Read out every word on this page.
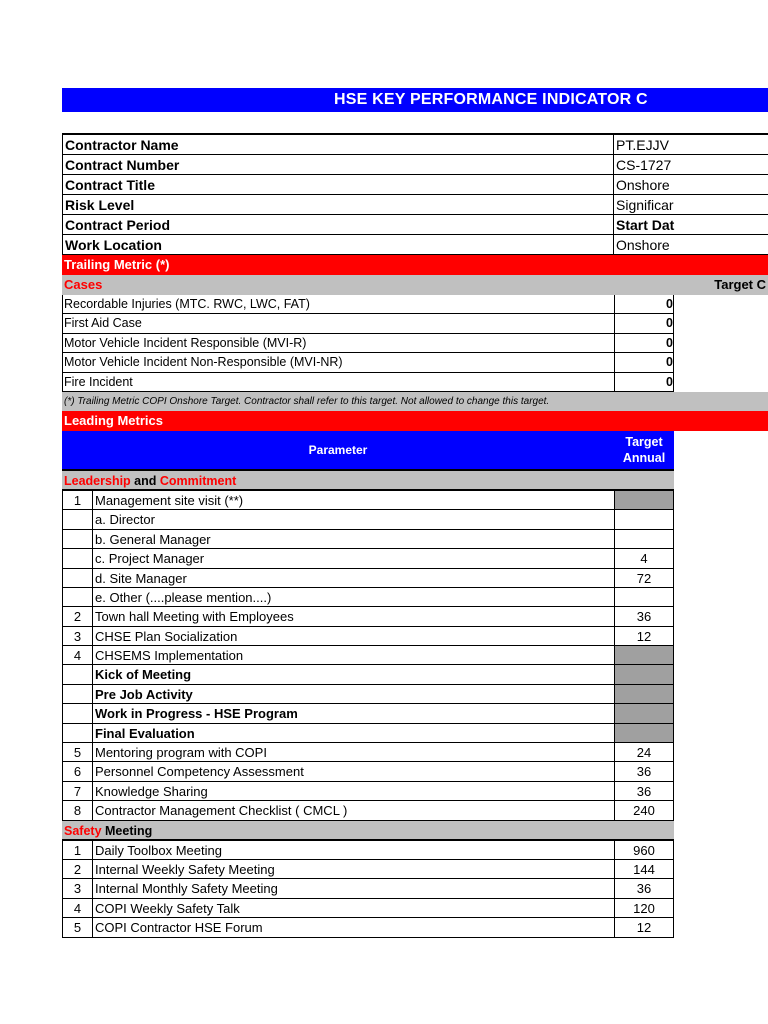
HSE KEY PERFORMANCE INDICATOR C
Contractor Name	PT.EJJV
Contract Number	CS-1727
Contract Title	Onshore
Risk Level	Significar
Contract Period	Start Dat
Work Location	Onshore
Trailing Metric (*)
Cases	Target C
Recordable Injuries (MTC. RWC, LWC, FAT)	0
First Aid Case	0
Motor Vehicle Incident Responsible (MVI-R)	0
Motor Vehicle Incident Non-Responsible (MVI-NR)	0
Fire Incident	0
(*) Trailing Metric COPI Onshore Target. Contractor shall refer to this target. Not allowed to change this target.
Leading Metrics
Parameter
Target
Annual
Leadership and Commitment
1	Management site visit (**)
a. Director
b. General Manager
c. Project Manager	4
d. Site Manager	72
e. Other (....please mention....)
2	Town hall Meeting with Employees	36
3	CHSE Plan Socialization	12
4	CHSEMS Implementation
Kick of Meeting
Pre Job Activity
Work in Progress - HSE Program
Final Evaluation
5	Mentoring program with COPI	24
6	Personnel Competency Assessment	36
7	Knowledge Sharing	36
8	Contractor Management Checklist ( CMCL )	240
Safety Meeting
1	Daily Toolbox Meeting	960
2	Internal Weekly Safety Meeting	144
3	Internal Monthly Safety Meeting	36
4	COPI Weekly Safety Talk	120
5	COPI Contractor HSE Forum	12
